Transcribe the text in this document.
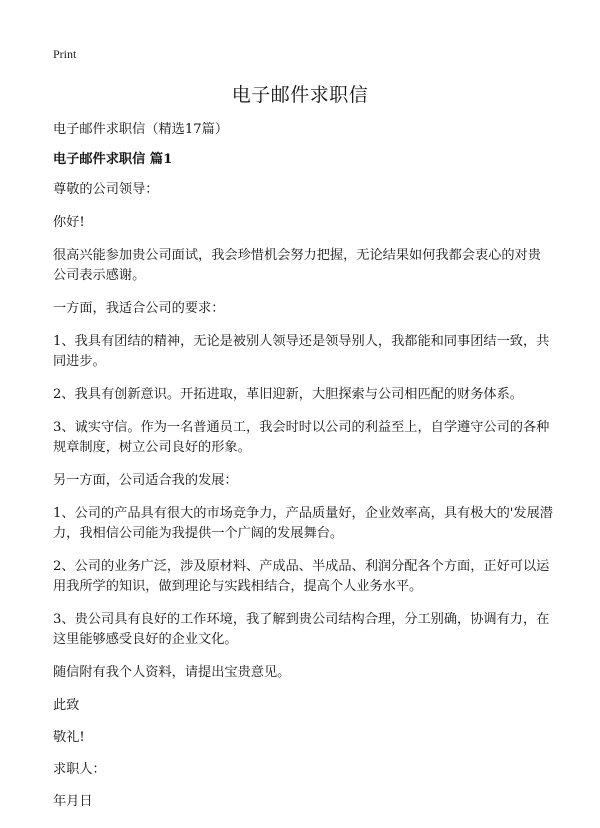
Print
电子邮件求职信

电子邮件求职信（精选17篇）

电子邮件求职信 篇1

尊敬的公司领导：

你好!

很高兴能参加贵公司面试，我会珍惜机会努力把握，无论结果如何我都会衷心的对贵公司表示感谢。

一方面，我适合公司的要求：

1、我具有团结的精神，无论是被别人领导还是领导别人，我都能和同事团结一致，共同进步。

2、我具有创新意识。开拓进取，革旧迎新，大胆探索与公司相匹配的财务体系。

3、诚实守信。作为一名普通员工，我会时时以公司的利益至上，自学遵守公司的各种规章制度，树立公司良好的形象。

另一方面，公司适合我的发展：

1、公司的产品具有很大的市场竞争力，产品质量好，企业效率高，具有极大的'发展潜力，我相信公司能为我提供一个广阔的发展舞台。

2、公司的业务广泛，涉及原材料、产成品、半成品、利润分配各个方面，正好可以运用我所学的知识，做到理论与实践相结合，提高个人业务水平。

3、贵公司具有良好的工作环境，我了解到贵公司结构合理，分工别确，协调有力，在这里能够感受良好的企业文化。

随信附有我个人资料，请提出宝贵意见。

此致

敬礼!

求职人：

年月日
